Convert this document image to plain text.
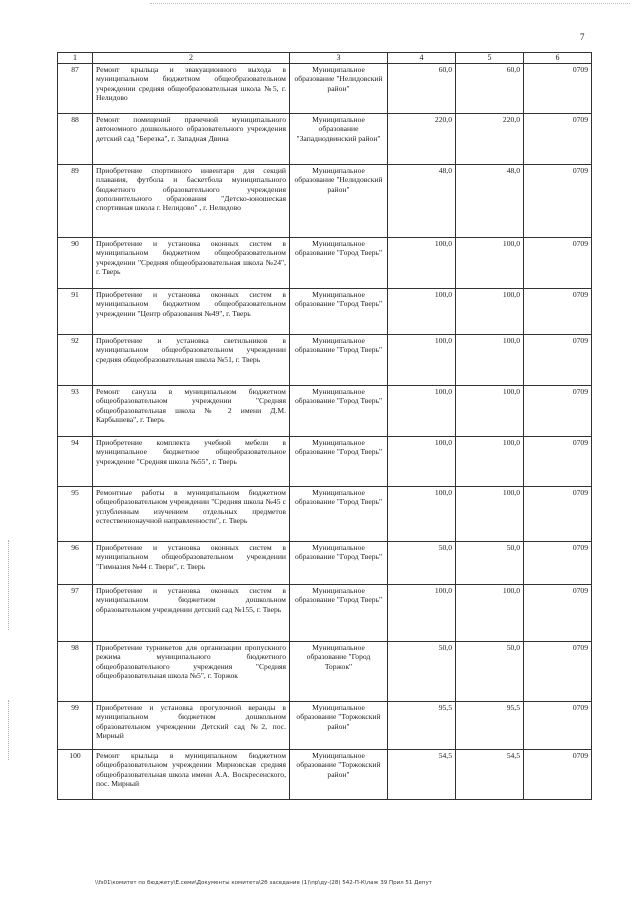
7
1	2	3	4	5	6
87	Ремонт крыльца и эвакуационного выхода в муниципальном бюджетном общеобразовательном учреждении средняя общеобразовательная школа №5, г. Нелидово	Муниципальное образование "Нелидовский район"	60,0	60,0	0709
88	Ремонт помещений прачечной муниципального автономного дошкольного образовательного учреждения детский сад "Березка", г. Западная Двина	Муниципальное образование "Западнодвинский район"	220,0	220,0	0709
89	Приобретение спортивного инвентаря для секций плавания, футбола и баскетбола муниципального бюджетного образовательного учреждения дополнительного образования "Детско-юношеская спортивная школа г. Нелидово" , г. Нелидово	Муниципальное образование "Нелидовский район"	48,0	48,0	0709
90	Приобретение и установка оконных систем в муниципальном бюджетном общеобразовательном учреждении "Средняя общеобразовательная школа №24", г. Тверь	Муниципальное образование "Город Тверь"	100,0	100,0	0709
91	Приобретение и установка оконных систем в муниципальном бюджетном общеобразовательном учреждении "Центр образования №49", г. Тверь	Муниципальное образование "Город Тверь"	100,0	100,0	0709
92	Приобретение и установка светильников в муниципальном общеобразовательном учреждении средняя общеобразовательная школа №51, г. Тверь	Муниципальное образование "Город Тверь"	100,0	100,0	0709
93	Ремонт санузла в муниципальном бюджетном общеобразовательном учреждении "Средняя общеобразовательная школа № 2 имени Д.М. Карбышева", г. Тверь	Муниципальное образование "Город Тверь"	100,0	100,0	0709
94	Приобретение комплекта учебной мебели в муниципальное бюджетное общеобразовательное учреждение "Средняя школа №55", г. Тверь	Муниципальное образование "Город Тверь"	100,0	100,0	0709
95	Ремонтные работы в муниципальном бюджетном общеобразовательном учреждении "Средняя школа №45 с углубленным изучением отдельных предметов естественнонаучной направленности", г. Тверь	Муниципальное образование "Город Тверь"	100,0	100,0	0709
96	Приобретение и установка оконных систем в муниципальном общеобразовательном учреждении "Гимназия №44 г. Твери", г. Тверь	Муниципальное образование "Город Тверь"	50,0	50,0	0709
97	Приобретение и установка оконных систем в муниципальном бюджетном дошкольном образовательном учреждении детский сад №155, г. Тверь	Муниципальное образование "Город Тверь"	100,0	100,0	0709
98	Приобретение турникетов для организации пропускного режима муниципального бюджетного общеобразовательного учреждения "Средняя общеобразовательная школа №5", г. Торжок	Муниципальное образование "Город Торжок"	50,0	50,0	0709
99	Приобретение и установка прогулочной веранды в муниципальном бюджетном дошкольном образовательном учреждении Детский сад №2, пос. Мирный	Муниципальное образование "Торжокский район"	95,5	95,5	0709
100	Ремонт крыльца в муниципальном бюджетном общеобразовательном учреждении Мирновская средняя общеобразовательная школа имени А.А. Воскресенского, пос. Мирный	Муниципальное образование "Торжокский район"	54,5	54,5	0709
\\fs01\комитет по бюджету\Е.семи\Документы комитета\2б заседание (1)\пр\ду-(28) 542-П-К\лаж 39 Прил 51 Депут
